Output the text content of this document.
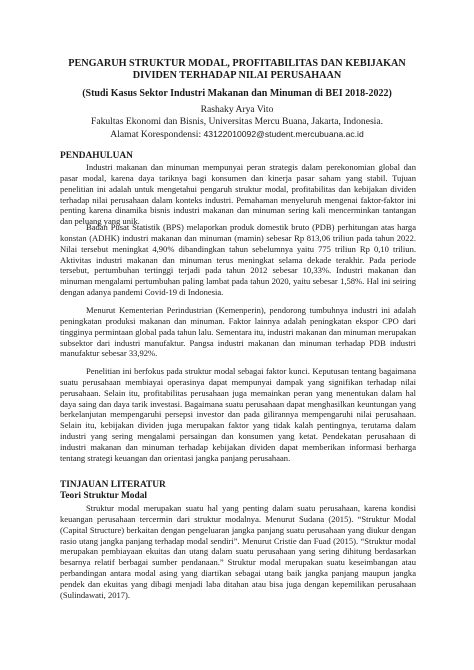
PENGARUH STRUKTUR MODAL, PROFITABILITAS DAN KEBIJAKAN
DIVIDEN TERHADAP NILAI PERUSAHAAN
(Studi Kasus Sektor Industri Makanan dan Minuman di BEI 2018-2022)
Rashaky Arya Vito
Fakultas Ekonomi dan Bisnis, Universitas Mercu Buana, Jakarta, Indonesia.
Alamat Korespondensi: 43122010092@student.mercubuana.ac.id
PENDAHULUAN
Industri makanan dan minuman mempunyai peran strategis dalam perekonomian global dan pasar modal, karena daya tariknya bagi konsumen dan kinerja pasar saham yang stabil. Tujuan penelitian ini adalah untuk mengetahui pengaruh struktur modal, profitabilitas dan kebijakan dividen terhadap nilai perusahaan dalam konteks industri. Pemahaman menyeluruh mengenai faktor-faktor ini penting karena dinamika bisnis industri makanan dan minuman sering kali mencerminkan tantangan dan peluang yang unik.
Badan Pusat Statistik (BPS) melaporkan produk domestik bruto (PDB) perhitungan atas harga konstan (ADHK) industri makanan dan minuman (mamin) sebesar Rp 813,06 triliun pada tahun 2022. Nilai tersebut meningkat 4,90% dibandingkan tahun sebelumnya yaitu 775 triliun Rp 0,10 triliun. Aktivitas industri makanan dan minuman terus meningkat selama dekade terakhir. Pada periode tersebut, pertumbuhan tertinggi terjadi pada tahun 2012 sebesar 10,33%. Industri makanan dan minuman mengalami pertumbuhan paling lambat pada tahun 2020, yaitu sebesar 1,58%. Hal ini seiring dengan adanya pandemi Covid-19 di Indonesia.
Menurut Kementerian Perindustrian (Kemenperin), pendorong tumbuhnya industri ini adalah peningkatan produksi makanan dan minuman. Faktor lainnya adalah peningkatan ekspor CPO dari tingginya permintaan global pada tahun lalu. Sementara itu, industri makanan dan minuman merupakan subsektor dari industri manufaktur. Pangsa industri makanan dan minuman terhadap PDB industri manufaktur sebesar 33,92%.
Penelitian ini berfokus pada struktur modal sebagai faktor kunci. Keputusan tentang bagaimana suatu perusahaan membiayai operasinya dapat mempunyai dampak yang signifikan terhadap nilai perusahaan. Selain itu, profitabilitas perusahaan juga memainkan peran yang menentukan dalam hal daya saing dan daya tarik investasi. Bagaimana suatu perusahaan dapat menghasilkan keuntungan yang berkelanjutan mempengaruhi persepsi investor dan pada gilirannya mempengaruhi nilai perusahaan. Selain itu, kebijakan dividen juga merupakan faktor yang tidak kalah pentingnya, terutama dalam industri yang sering mengalami persaingan dan konsumen yang ketat. Pendekatan perusahaan di industri makanan dan minuman terhadap kebijakan dividen dapat memberikan informasi berharga tentang strategi keuangan dan orientasi jangka panjang perusahaan.
TINJAUAN LITERATUR
Teori Struktur Modal
Struktur modal merupakan suatu hal yang penting dalam suatu perusahaan, karena kondisi keuangan perusahaan tercermin dari struktur modalnya. Menurut Sudana (2015). “Struktur Modal (Capital Structure) berkaitan dengan pengeluaran jangka panjang suatu perusahaan yang diukur dengan rasio utang jangka panjang terhadap modal sendiri”. Menurut Cristie dan Fuad (2015). “Struktur modal merupakan pembiayaan ekuitas dan utang dalam suatu perusahaan yang sering dihitung berdasarkan besarnya relatif berbagai sumber pendanaan.” Struktur modal merupakan suatu keseimbangan atau perbandingan antara modal asing yang diartikan sebagai utang baik jangka panjang maupun jangka pendek dan ekuitas yang dibagi menjadi laba ditahan atau bisa juga dengan kepemilikan perusahaan (Sulindawati, 2017).
